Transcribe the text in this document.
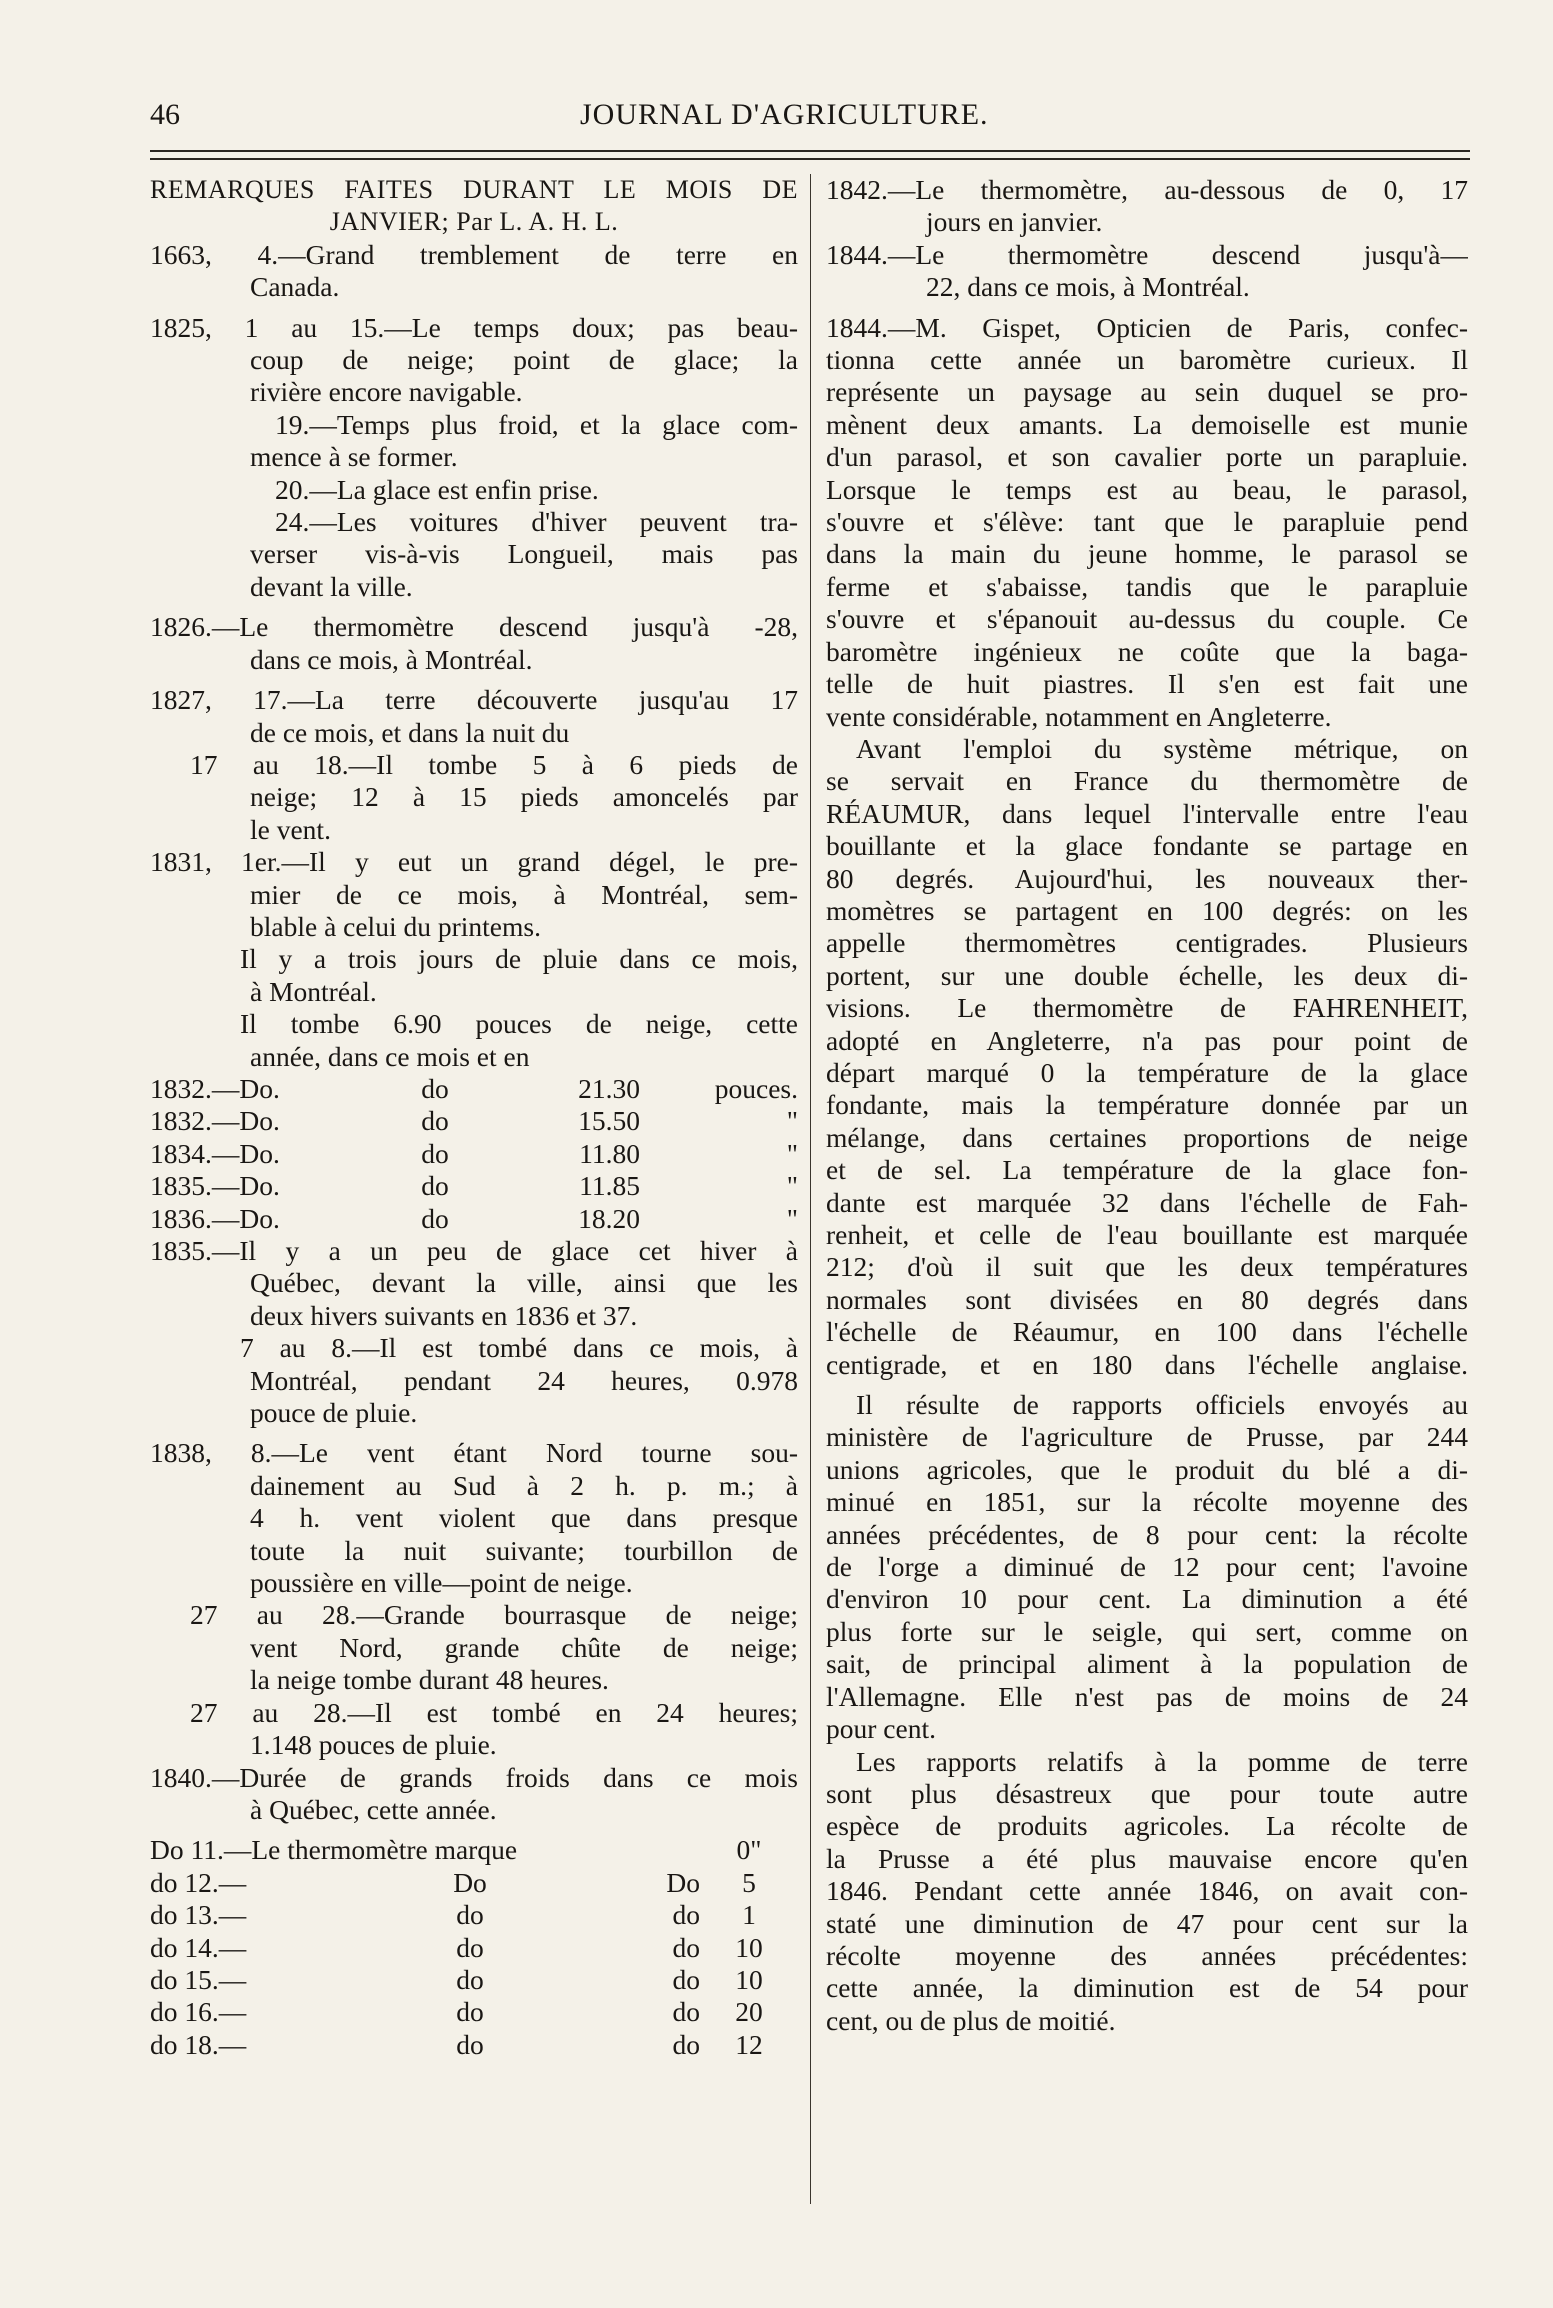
46	JOURNAL D'AGRICULTURE.
REMARQUES FAITES DURANT LE MOIS DE
JANVIER; Par L. A. H. L.
1663, 4.—Grand tremblement de terre en
Canada.
1825, 1 au 15.—Le temps doux; pas beau-
coup de neige; point de glace; la
rivière encore navigable.
19.—Temps plus froid, et la glace com-
mence à se former.
20.—La glace est enfin prise.
24.—Les voitures d'hiver peuvent tra-
verser vis-à-vis Longueil, mais pas
devant la ville.
1826.—Le thermomètre descend jusqu'à -28,
dans ce mois, à Montréal.
1827, 17.—La terre découverte jusqu'au 17
de ce mois, et dans la nuit du
17 au 18.—Il tombe 5 à 6 pieds de
neige; 12 à 15 pieds amoncelés par
le vent.
1831, 1er.—Il y eut un grand dégel, le pre-
mier de ce mois, à Montréal, sem-
blable à celui du printems.
Il y a trois jours de pluie dans ce mois,
à Montréal.
Il tombe 6.90 pouces de neige, cette
année, dans ce mois et en
1832.—Do.	do	21.30	pouces.
1832.—Do.	do	15.50	"
1834.—Do.	do	11.80	"
1835.—Do.	do	11.85	"
1836.—Do.	do	18.20	"
1835.—Il y a un peu de glace cet hiver à
Québec, devant la ville, ainsi que les
deux hivers suivants en 1836 et 37.
7 au 8.—Il est tombé dans ce mois, à
Montréal, pendant 24 heures, 0.978
pouce de pluie.
1838, 8.—Le vent étant Nord tourne sou-
dainement au Sud à 2 h. p. m.; à
4 h. vent violent que dans presque
toute la nuit suivante; tourbillon de
poussière en ville—point de neige.
27 au 28.—Grande bourrasque de neige;
vent Nord, grande chûte de neige;
la neige tombe durant 48 heures.
27 au 28.—Il est tombé en 24 heures;
1.148 pouces de pluie.
1840.—Durée de grands froids dans ce mois
à Québec, cette année.
Do 11.—Le thermomètre marque	0"
do 12.—	Do	Do	5
do 13.—	do	do	1
do 14.—	do	do	10
do 15.—	do	do	10
do 16.—	do	do	20
do 18.—	do	do	12
1842.—Le thermomètre, au-dessous de 0, 17
jours en janvier.
1844.—Le thermomètre descend jusqu'à—
22, dans ce mois, à Montréal.
1844.—M. Gispet, Opticien de Paris, confec-
tionna cette année un baromètre curieux. Il
représente un paysage au sein duquel se pro-
mènent deux amants. La demoiselle est munie
d'un parasol, et son cavalier porte un parapluie.
Lorsque le temps est au beau, le parasol,
s'ouvre et s'élève: tant que le parapluie pend
dans la main du jeune homme, le parasol se
ferme et s'abaisse, tandis que le parapluie
s'ouvre et s'épanouit au-dessus du couple. Ce
baromètre ingénieux ne coûte que la baga-
telle de huit piastres. Il s'en est fait une
vente considérable, notamment en Angleterre.
Avant l'emploi du système métrique, on
se servait en France du thermomètre de
RÉAUMUR, dans lequel l'intervalle entre l'eau
bouillante et la glace fondante se partage en
80 degrés. Aujourd'hui, les nouveaux ther-
momètres se partagent en 100 degrés: on les
appelle thermomètres centigrades. Plusieurs
portent, sur une double échelle, les deux di-
visions. Le thermomètre de FAHRENHEIT,
adopté en Angleterre, n'a pas pour point de
départ marqué 0 la température de la glace
fondante, mais la température donnée par un
mélange, dans certaines proportions de neige
et de sel. La température de la glace fon-
dante est marquée 32 dans l'échelle de Fah-
renheit, et celle de l'eau bouillante est marquée
212; d'où il suit que les deux températures
normales sont divisées en 80 degrés dans
l'échelle de Réaumur, en 100 dans l'échelle
centigrade, et en 180 dans l'échelle anglaise.
Il résulte de rapports officiels envoyés au
ministère de l'agriculture de Prusse, par 244
unions agricoles, que le produit du blé a di-
minué en 1851, sur la récolte moyenne des
années précédentes, de 8 pour cent: la récolte
de l'orge a diminué de 12 pour cent; l'avoine
d'environ 10 pour cent. La diminution a été
plus forte sur le seigle, qui sert, comme on
sait, de principal aliment à la population de
l'Allemagne. Elle n'est pas de moins de 24
pour cent.
Les rapports relatifs à la pomme de terre
sont plus désastreux que pour toute autre
espèce de produits agricoles. La récolte de
la Prusse a été plus mauvaise encore qu'en
1846. Pendant cette année 1846, on avait con-
staté une diminution de 47 pour cent sur la
récolte moyenne des années précédentes:
cette année, la diminution est de 54 pour
cent, ou de plus de moitié.
